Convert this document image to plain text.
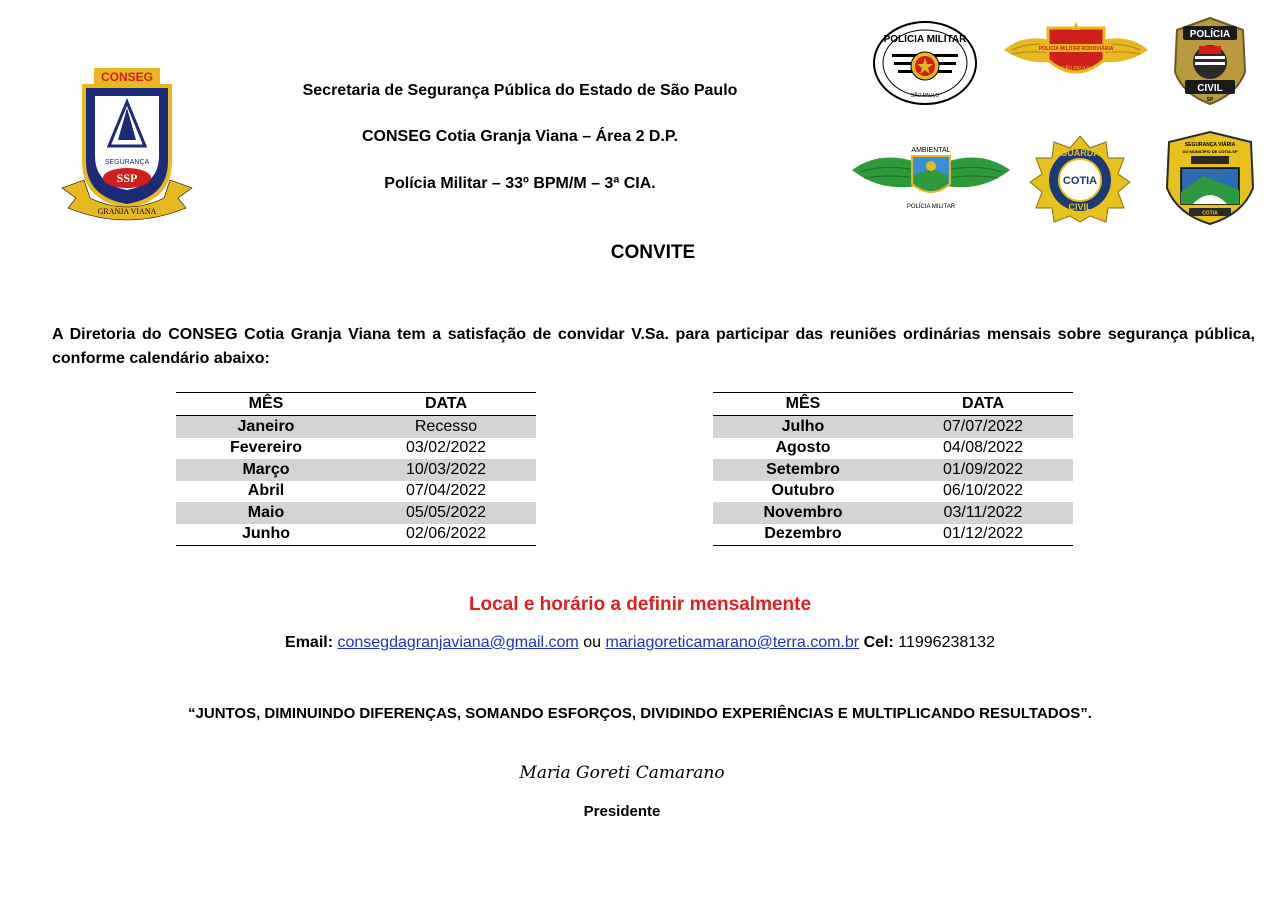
CONSEG
SEGURANÇA
SSP
GRANJA VIANA
Secretaria de Segurança Pública do Estado de São Paulo
CONSEG Cotia Granja Viana – Área 2 D.P.
Polícia Militar – 33º BPM/M – 3ª CIA.
POLÍCIA MILITAR
SÃO PAULO
POLICIA MILITAR RODOVIÁRIA
SÃO PAULO
POLÍCIA
CIVIL
SP
AMBIENTAL
POLÍCIA MILITAR
GUARDA
COTIA
CIVIL
SEGURANÇA VIÁRIA
DO MUNICÍPIO DE COTIA-SP
COTIA
CONVITE
A Diretoria do CONSEG Cotia Granja Viana tem a satisfação de convidar V.Sa. para participar das reuniões ordinárias mensais sobre segurança pública, conforme calendário abaixo:
MÊS	DATA
Janeiro	Recesso
Fevereiro	03/02/2022
Março	10/03/2022
Abril	07/04/2022
Maio	05/05/2022
Junho	02/06/2022
MÊS	DATA
Julho	07/07/2022
Agosto	04/08/2022
Setembro	01/09/2022
Outubro	06/10/2022
Novembro	03/11/2022
Dezembro	01/12/2022
Local e horário a definir mensalmente
Email: consegdagranjaviana@gmail.com ou mariagoreticamarano@terra.com.br Cel: 11996238132
“JUNTOS, DIMINUINDO DIFERENÇAS, SOMANDO ESFORÇOS, DIVIDINDO EXPERIÊNCIAS E MULTIPLICANDO RESULTADOS”.
Maria Goreti Camarano
Presidente
